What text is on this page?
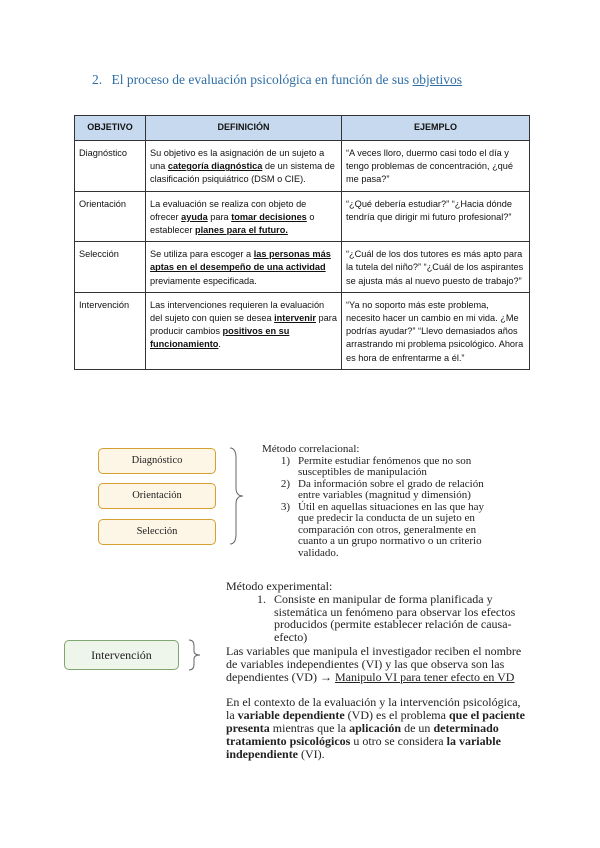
2. El proceso de evaluación psicológica en función de sus objetivos
OBJETIVO	DEFINICIÓN	EJEMPLO
Diagnóstico	Su objetivo es la asignación de un sujeto a una categoría diagnóstica de un sistema de clasificación psiquiátrico (DSM o CIE).	“A veces lloro, duermo casi todo el día y tengo problemas de concentración, ¿qué me pasa?”
Orientación	La evaluación se realiza con objeto de ofrecer ayuda para tomar decisiones o establecer planes para el futuro.	“¿Qué debería estudiar?” “¿Hacia dónde tendría que dirigir mi futuro profesional?”
Selección	Se utiliza para escoger a las personas más aptas en el desempeño de una actividad previamente especificada.	“¿Cuál de los dos tutores es más apto para la tutela del niño?” “¿Cuál de los aspirantes se ajusta más al nuevo puesto de trabajo?”
Intervención	Las intervenciones requieren la evaluación del sujeto con quien se desea intervenir para producir cambios positivos en su funcionamiento.	“Ya no soporto más este problema, necesito hacer un cambio en mi vida. ¿Me podrías ayudar?” “Llevo demasiados años arrastrando mi problema psicológico. Ahora es hora de enfrentarme a él.”
Diagnóstico
Orientación
Selección
Método correlacional:
1) Permite estudiar fenómenos que no son susceptibles de manipulación
2) Da información sobre el grado de relación entre variables (magnitud y dimensión)
3) Útil en aquellas situaciones en las que hay que predecir la conducta de un sujeto en comparación con otros, generalmente en cuanto a un grupo normativo o un criterio validado.
Intervención
Método experimental:
1. Consiste en manipular de forma planificada y sistemática un fenómeno para observar los efectos producidos (permite establecer relación de causa-efecto)
Las variables que manipula el investigador reciben el nombre de variables independientes (VI) y las que observa son las dependientes (VD) → Manipulo VI para tener efecto en VD
En el contexto de la evaluación y la intervención psicológica, la variable dependiente (VD) es el problema que el paciente presenta mientras que la aplicación de un determinado tratamiento psicológicos u otro se considera la variable independiente (VI).
